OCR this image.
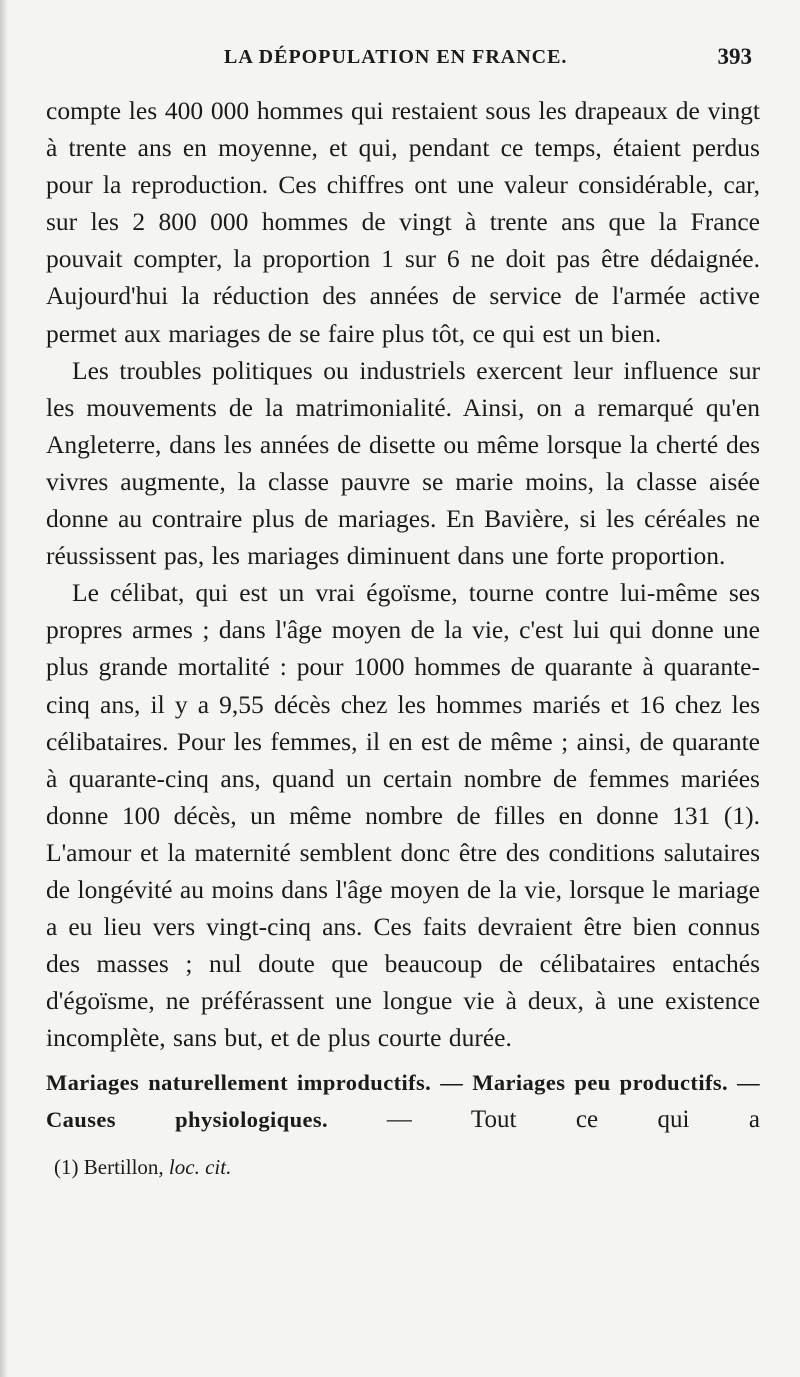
LA DÉPOPULATION EN FRANCE.	393

compte les 400 000 hommes qui restaient sous les drapeaux de vingt à trente ans en moyenne, et qui, pendant ce temps, étaient perdus pour la reproduction. Ces chiffres ont une valeur considérable, car, sur les 2 800 000 hommes de vingt à trente ans que la France pouvait compter, la proportion 1 sur 6 ne doit pas être dédaignée. Aujourd'hui la réduction des années de service de l'armée active permet aux mariages de se faire plus tôt, ce qui est un bien.

Les troubles politiques ou industriels exercent leur influence sur les mouvements de la matrimonialité. Ainsi, on a remarqué qu'en Angleterre, dans les années de disette ou même lorsque la cherté des vivres augmente, la classe pauvre se marie moins, la classe aisée donne au contraire plus de mariages. En Bavière, si les céréales ne réussissent pas, les mariages diminuent dans une forte proportion.

Le célibat, qui est un vrai égoïsme, tourne contre lui-même ses propres armes ; dans l'âge moyen de la vie, c'est lui qui donne une plus grande mortalité : pour 1000 hommes de quarante à quarante-cinq ans, il y a 9,55 décès chez les hommes mariés et 16 chez les célibataires. Pour les femmes, il en est de même ; ainsi, de quarante à quarante-cinq ans, quand un certain nombre de femmes mariées donne 100 décès, un même nombre de filles en donne 131 (1). L'amour et la maternité semblent donc être des conditions salutaires de longévité au moins dans l'âge moyen de la vie, lorsque le mariage a eu lieu vers vingt-cinq ans. Ces faits devraient être bien connus des masses ; nul doute que beaucoup de célibataires entachés d'égoïsme, ne préférassent une longue vie à deux, à une existence incomplète, sans but, et de plus courte durée.

Mariages naturellement improductifs. — Mariages peu productifs. — Causes physiologiques. — Tout ce qui a

(1) Bertillon, loc. cit.
